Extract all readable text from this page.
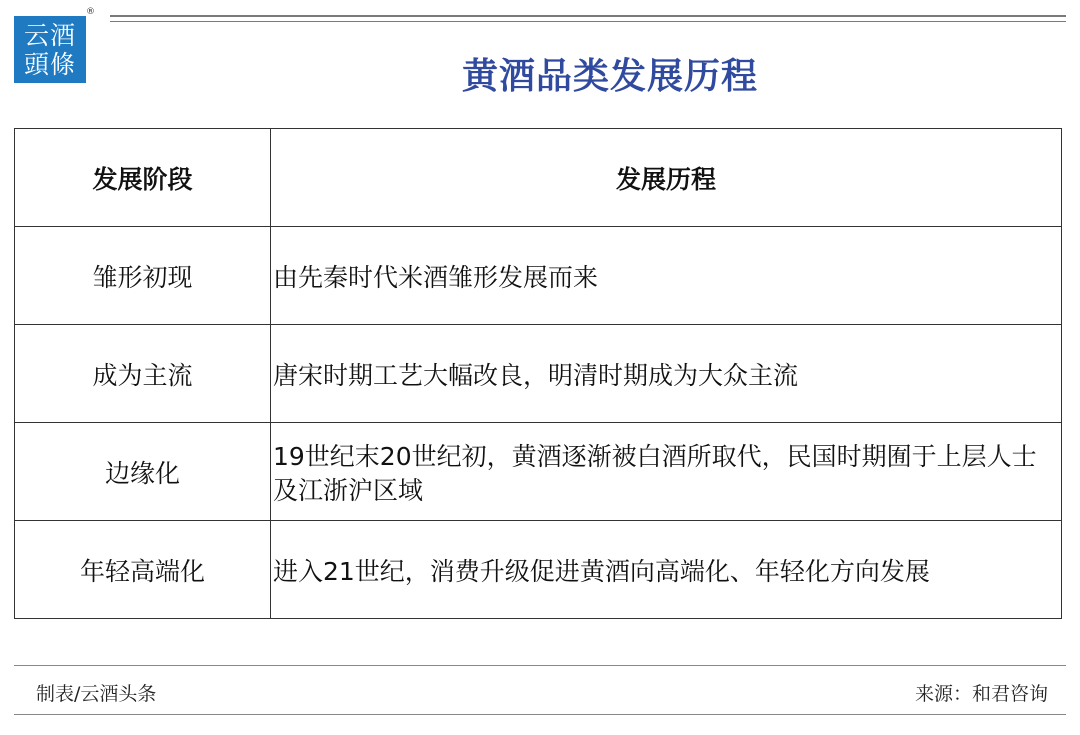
云酒
頭條
®
黄酒品类发展历程
发展阶段	发展历程
雏形初现	由先秦时代米酒雏形发展而来
成为主流	唐宋时期工艺大幅改良，明清时期成为大众主流
边缘化	19世纪末20世纪初，黄酒逐渐被白酒所取代，民国时期囿于上层人士及江浙沪区域
年轻高端化	进入21世纪，消费升级促进黄酒向高端化、年轻化方向发展
制表/云酒头条	来源：和君咨询
